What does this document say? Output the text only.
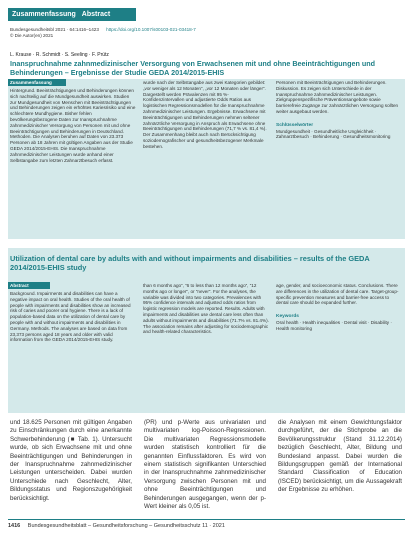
Zusammenfassung Abstract
Bundesgesundheitsbl 2021 · 64:1416–1423 https://doi.org/10.1007/s00103-021-03418-7
© Die Autor(en) 2021
L. Krause · R. Schmidt · S. Seeling · F. Prütz
Inanspruchnahme zahnmedizinischer Versorgung von Erwachsenen mit und ohne Beeinträchtigungen und Behinderungen – Ergebnisse der Studie GEDA 2014/2015-EHIS
Zusammenfassung

Hintergrund. Beeinträchtigungen und Behinderungen können sich nachteilig auf die Mundgesundheit auswirken. Studien zur Mundgesundheit von Menschen mit Beeinträchtigungen und Behinderungen zeigen ein erhöhtes Kariesrisiko und eine schlechtere Mundhygiene. Bisher fehlen bevölkerungsbezogene Daten zur Inanspruchnahme zahnmedizinischer Versorgung von Personen mit und ohne Beeinträchtigungen und Behinderungen in Deutschland. Methoden. Die Analysen beruhen auf Daten von 23.373 Personen ab 18 Jahren mit gültigen Angaben aus der Studie GEDA 2014/2015-EHIS. Die Inanspruchnahme zahnmedizinischer Leistungen wurde anhand einer Selbstangabe zum letzten Zahnarztbesuch erfasst.

wurde nach der Selbstangabe aus zwei Kategorien gebildet: „vor weniger als 12 Monaten“, „vor 12 Monaten oder länger“. Dargestellt werden Prävalenzen mit 95 %-Konfidenzintervallen und adjustierte Odds Ratios aus logistischen Regressionsmodellen für die Inanspruchnahme zahnmedizinischer Leistungen. Ergebnisse. Erwachsene mit Beeinträchtigungen und Behinderungen nehmen seltener zahnärztliche Versorgung in Anspruch als Erwachsene ohne Beeinträchtigungen und Behinderungen (71,7 % vs. 81,4 %). Der Zusammenhang bleibt auch nach Berücksichtigung soziodemografischer und gesundheitsbezogener Merkmale bestehen.

Personen mit Beeinträchtigungen und Behinderungen. Diskussion. Es zeigen sich Unterschiede in der Inanspruchnahme zahnmedizinischer Leistungen. Zielgruppenspezifische Präventionsangebote sowie barrierefreie Zugänge zur zahnärztlichen Versorgung sollten weiter ausgebaut werden.

Schlüsselwörter

Mundgesundheit · Gesundheitliche Ungleichheit · Zahnarztbesuch · Behinderung · Gesundheitsmonitoring

Utilization of dental care by adults with and without impairments and disabilities – results of the GEDA 2014/2015-EHIS study
Abstract

Background. Impairments and disabilities can have a negative impact on oral health. Studies of the oral health of people with impairments and disabilities show an increased risk of caries and poorer oral hygiene. There is a lack of population-based data on the utilization of dental care by people with and without impairments and disabilities in Germany. Methods. The analyses are based on data from 23,373 persons aged 18 years and older with valid information from the GEDA 2014/2015-EHIS study.

than 6 months ago”, “6 to less than 12 months ago”, “12 months ago or longer”, or “never”. For the analyses, the variable was divided into two categories. Prevalences with 95% confidence intervals and adjusted odds ratios from logistic regression models are reported. Results. Adults with impairments and disabilities use dental care less often than adults without impairments and disabilities (71.7% vs. 81.4%). The association remains after adjusting for sociodemographic and health-related characteristics.

age, gender, and socioeconomic status. Conclusions. There are differences in the utilization of dental care. Target-group-specific prevention measures and barrier-free access to dental care should be expanded further.

Keywords

Oral health · Health inequalities · Dental visit · Disability · Health monitoring

und 18.625 Personen mit gültigen Angaben zu Einschränkungen durch eine anerkannte Schwerbehinderung (■ Tab. 1). Untersucht wurde, ob sich Erwachsene mit und ohne Beeinträchtigungen und Behinderungen in der Inanspruchnahme zahnmedizinischer Leistungen unterscheiden. Dabei wurden Unterschiede nach Geschlecht, Alter, Bildungsstatus und Regionszugehörigkeit berücksichtigt.
(PR) und p-Werte aus univariaten und multivariaten log-Poisson-Regressionen. Die multivariaten Regressionsmodelle wurden statistisch kontrolliert für die genannten Einflussfaktoren. Es wird von einem statistisch signifikanten Unterschied in der Inanspruchnahme zahnmedizinischer Versorgung zwischen Personen mit und ohne Beeinträchtigungen und Behinderungen ausgegangen, wenn der p-Wert kleiner als 0,05 ist.
die Analysen mit einem Gewichtungsfaktor durchgeführt, der die Stichprobe an die Bevölkerungsstruktur (Stand 31.12.2014) bezüglich Geschlecht, Alter, Bildung und Bundesland anpasst. Dabei wurden die Bildungsgruppen gemäß der International Standard Classification of Education (ISCED) berücksichtigt, um die Aussagekraft der Ergebnisse zu erhöhen.
1416 Bundesgesundheitsblatt – Gesundheitsforschung – Gesundheitsschutz 11 · 2021
